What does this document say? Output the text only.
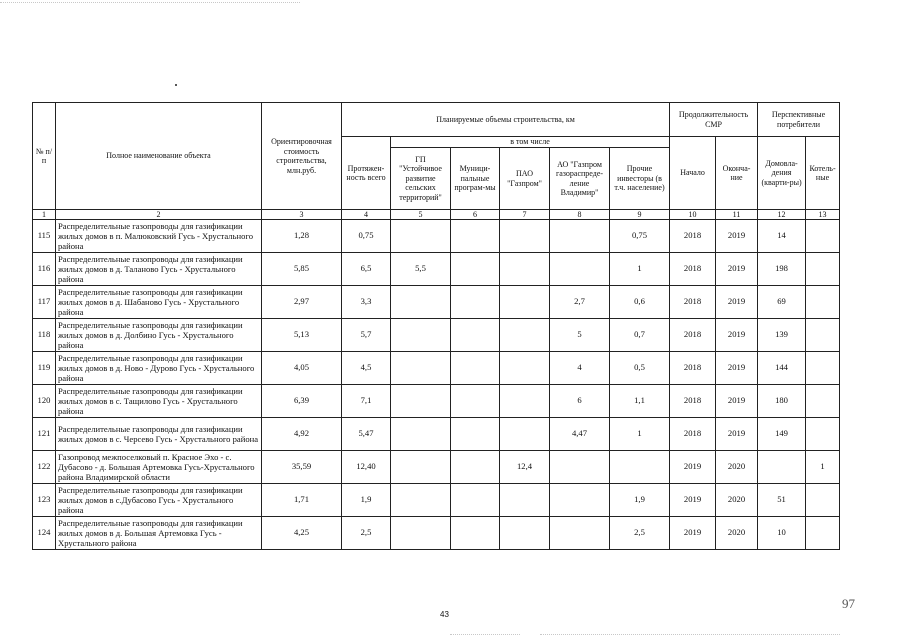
№ п/п	Полное наименование объекта	Ориентировочная стоимость строительства, млн.руб.	Планируемые объемы строительства, км						Продолжительность СМР		Перспективные потребители	
			Протяжен-ность всего	в том числе					Начало	Оконча-ние	Домовла-дения (кварти-ры)	Котель-ные
				ГП "Устойчивое развитие сельских территорий"	Муници-пальные програм-мы	ПАО "Газпром"	АО "Газпром газораспреде-ление Владимир"	Прочие инвесторы (в т.ч. население)				
1	2	3	4	5	6	7	8	9	10	11	12	13
115	Распределительные газопроводы для газификации жилых домов в п. Малюковский Гусь - Хрустального района	1,28	0,75					0,75	2018	2019	14	
116	Распределительные газопроводы для газификации жилых домов в д. Таланово Гусь - Хрустального района	5,85	6,5	5,5				1	2018	2019	198	
117	Распределительные газопроводы для газификации жилых домов в д. Шабаново Гусь - Хрустального района	2,97	3,3				2,7	0,6	2018	2019	69	
118	Распределительные газопроводы для газификации жилых домов в д. Долбино Гусь - Хрустального района	5,13	5,7				5	0,7	2018	2019	139	
119	Распределительные газопроводы для газификации жилых домов в д. Ново - Дурово Гусь - Хрустального района	4,05	4,5				4	0,5	2018	2019	144	
120	Распределительные газопроводы для газификации жилых домов в с. Тащилово Гусь - Хрустального района	6,39	7,1				6	1,1	2018	2019	180	
121	Распределительные газопроводы для газификации жилых домов в с. Черсево Гусь - Хрустального района	4,92	5,47				4,47	1	2018	2019	149	
122	Газопровод межпоселковый п. Красное Эхо - с. Дубасово - д. Большая Артемовка Гусь-Хрустального района Владимирской области	35,59	12,40			12,4			2019	2020		1
123	Распределительные газопроводы для газификации жилых домов в с.Дубасово Гусь - Хрустального района	1,71	1,9					1,9	2019	2020	51	
124	Распределительные газопроводы для газификации жилых домов в д. Большая Артемовка Гусь - Хрустального района	4,25	2,5					2,5	2019	2020	10	
97
43
